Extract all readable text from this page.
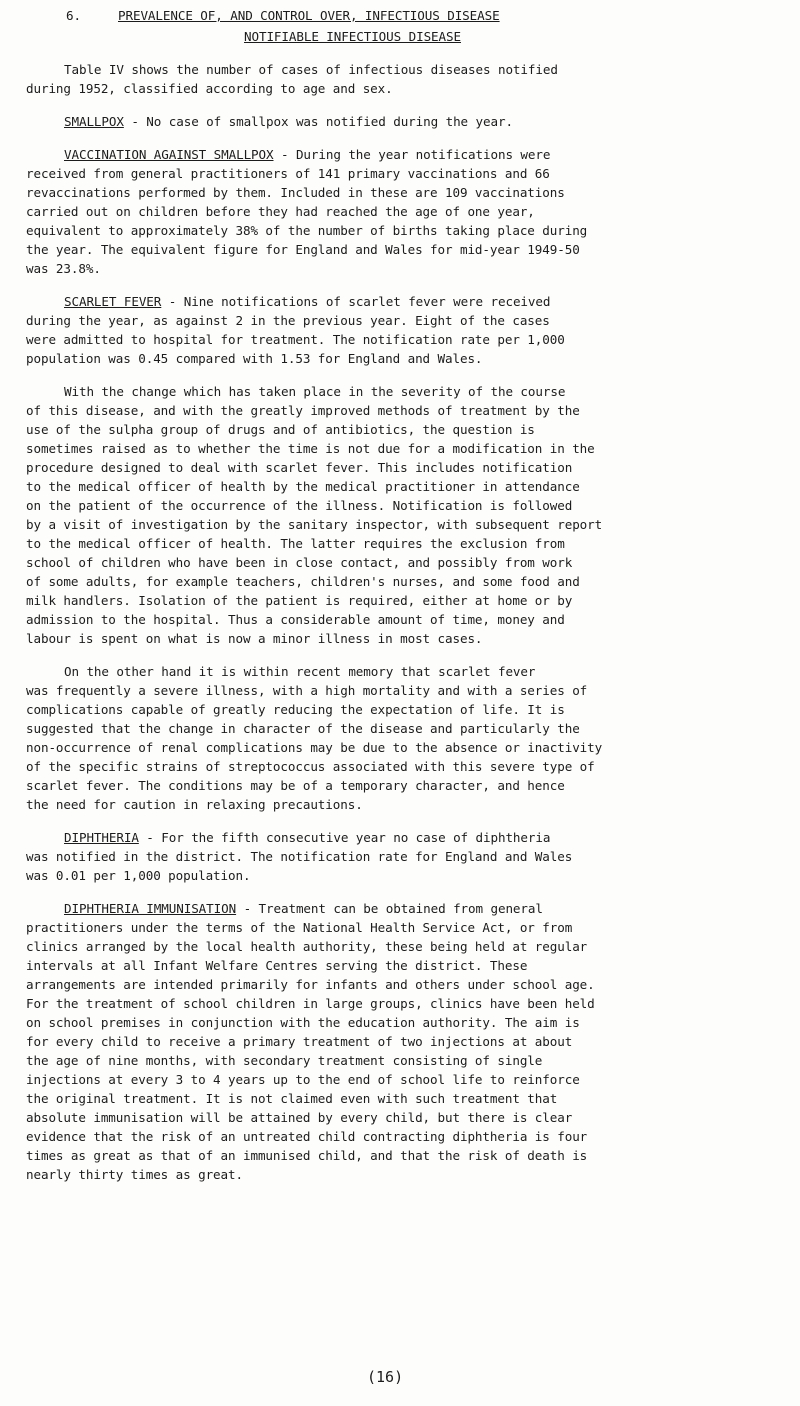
6.	PREVALENCE OF, AND CONTROL OVER, INFECTIOUS DISEASE
NOTIFIABLE INFECTIOUS DISEASE
Table IV shows the number of cases of infectious diseases notified
during 1952, classified according to age and sex.
SMALLPOX - No case of smallpox was notified during the year.
VACCINATION AGAINST SMALLPOX - During the year notifications were
received from general practitioners of 141 primary vaccinations and 66
revaccinations performed by them. Included in these are 109 vaccinations
carried out on children before they had reached the age of one year,
equivalent to approximately 38% of the number of births taking place during
the year. The equivalent figure for England and Wales for mid-year 1949-50
was 23.8%.
SCARLET FEVER - Nine notifications of scarlet fever were received
during the year, as against 2 in the previous year. Eight of the cases
were admitted to hospital for treatment. The notification rate per 1,000
population was 0.45 compared with 1.53 for England and Wales.
With the change which has taken place in the severity of the course
of this disease, and with the greatly improved methods of treatment by the
use of the sulpha group of drugs and of antibiotics, the question is
sometimes raised as to whether the time is not due for a modification in the
procedure designed to deal with scarlet fever. This includes notification
to the medical officer of health by the medical practitioner in attendance
on the patient of the occurrence of the illness. Notification is followed
by a visit of investigation by the sanitary inspector, with subsequent report
to the medical officer of health. The latter requires the exclusion from
school of children who have been in close contact, and possibly from work
of some adults, for example teachers, children's nurses, and some food and
milk handlers. Isolation of the patient is required, either at home or by
admission to the hospital. Thus a considerable amount of time, money and
labour is spent on what is now a minor illness in most cases.
On the other hand it is within recent memory that scarlet fever
was frequently a severe illness, with a high mortality and with a series of
complications capable of greatly reducing the expectation of life. It is
suggested that the change in character of the disease and particularly the
non-occurrence of renal complications may be due to the absence or inactivity
of the specific strains of streptococcus associated with this severe type of
scarlet fever. The conditions may be of a temporary character, and hence
the need for caution in relaxing precautions.
DIPHTHERIA - For the fifth consecutive year no case of diphtheria
was notified in the district. The notification rate for England and Wales
was 0.01 per 1,000 population.
DIPHTHERIA IMMUNISATION - Treatment can be obtained from general
practitioners under the terms of the National Health Service Act, or from
clinics arranged by the local health authority, these being held at regular
intervals at all Infant Welfare Centres serving the district. These
arrangements are intended primarily for infants and others under school age.
For the treatment of school children in large groups, clinics have been held
on school premises in conjunction with the education authority. The aim is
for every child to receive a primary treatment of two injections at about
the age of nine months, with secondary treatment consisting of single
injections at every 3 to 4 years up to the end of school life to reinforce
the original treatment. It is not claimed even with such treatment that
absolute immunisation will be attained by every child, but there is clear
evidence that the risk of an untreated child contracting diphtheria is four
times as great as that of an immunised child, and that the risk of death is
nearly thirty times as great.
(16)
